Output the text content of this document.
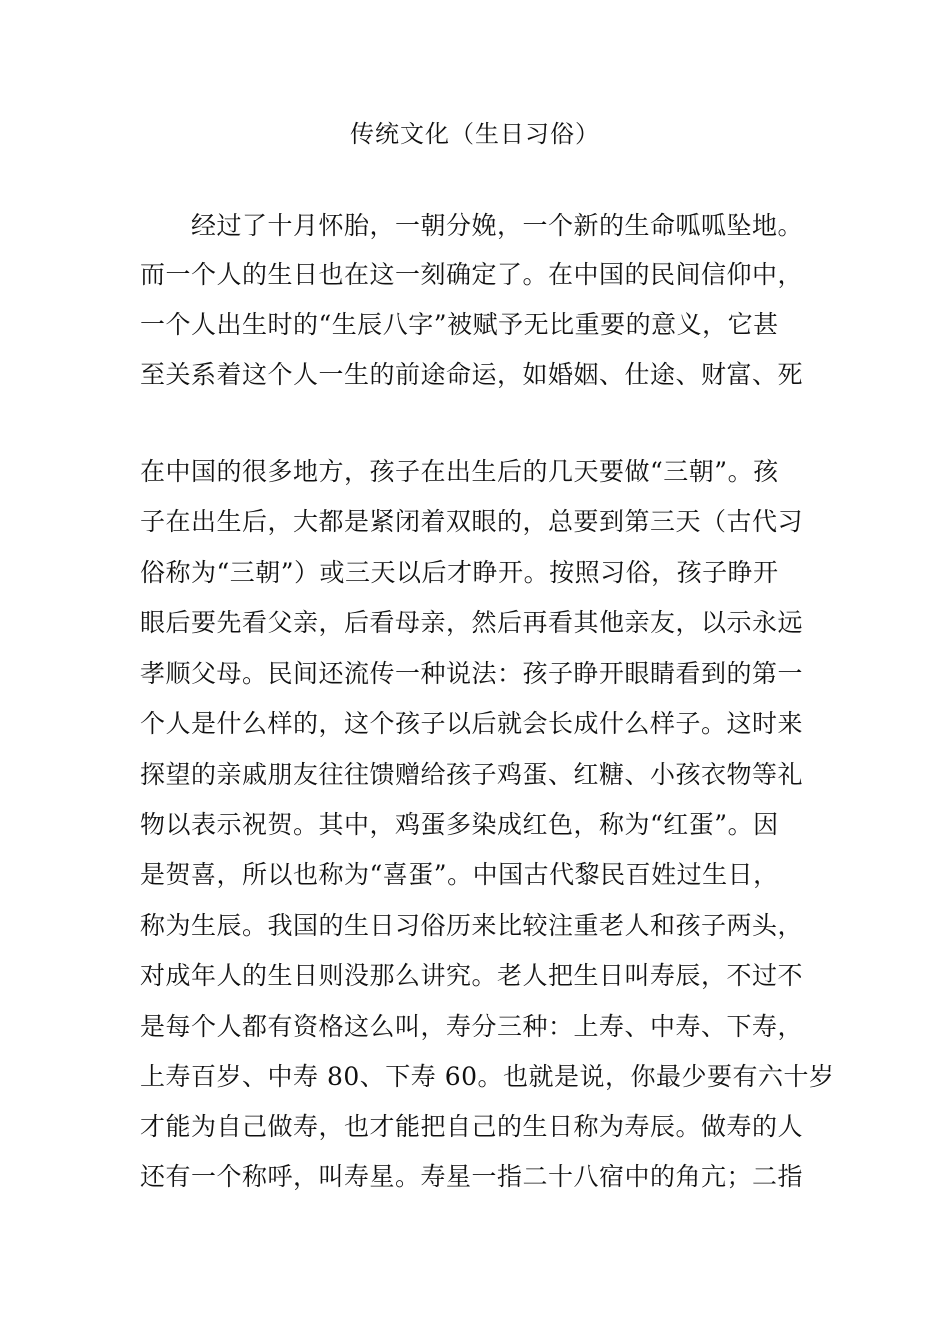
传统文化（生日习俗）
　　经过了十月怀胎，一朝分娩，一个新的生命呱呱坠地。
而一个人的生日也在这一刻确定了。在中国的民间信仰中，
一个人出生时的“生辰八字”被赋予无比重要的意义，它甚
至关系着这个人一生的前途命运，如婚姻、仕途、财富、死
在中国的很多地方，孩子在出生后的几天要做“三朝”。孩
子在出生后，大都是紧闭着双眼的，总要到第三天（古代习
俗称为“三朝”）或三天以后才睁开。按照习俗，孩子睁开
眼后要先看父亲，后看母亲，然后再看其他亲友，以示永远
孝顺父母。民间还流传一种说法：孩子睁开眼睛看到的第一
个人是什么样的，这个孩子以后就会长成什么样子。这时来
探望的亲戚朋友往往馈赠给孩子鸡蛋、红糖、小孩衣物等礼
物以表示祝贺。其中，鸡蛋多染成红色，称为“红蛋”。因
是贺喜，所以也称为“喜蛋”。中国古代黎民百姓过生日，
称为生辰。我国的生日习俗历来比较注重老人和孩子两头，
对成年人的生日则没那么讲究。老人把生日叫寿辰，不过不
是每个人都有资格这么叫，寿分三种：上寿、中寿、下寿，
上寿百岁、中寿 80、下寿 60。也就是说，你最少要有六十岁
才能为自己做寿，也才能把自己的生日称为寿辰。做寿的人
还有一个称呼，叫寿星。寿星一指二十八宿中的角亢；二指
